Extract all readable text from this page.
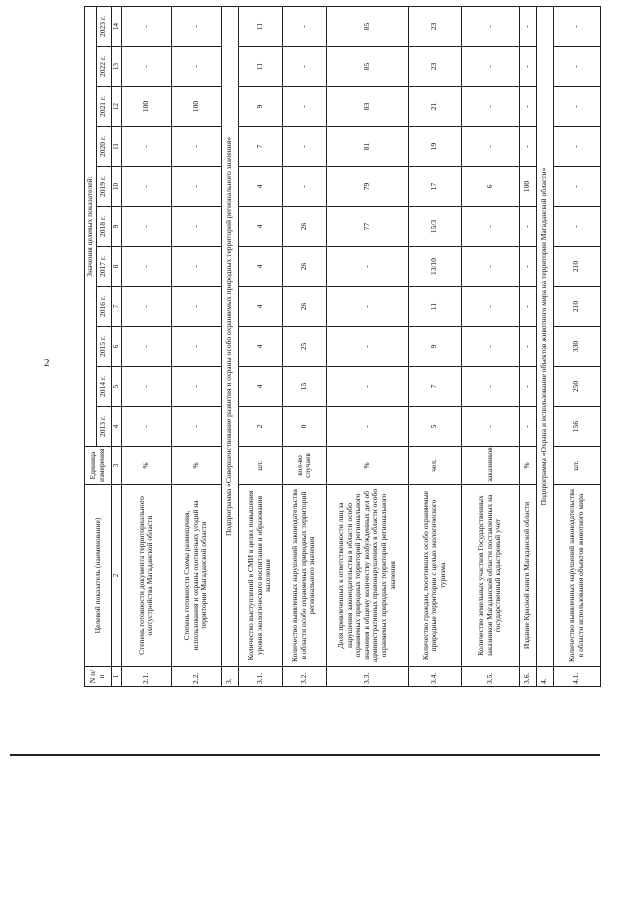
2
N п/п	Целевой показатель (наименование)	Единица измерения	Значения целевых показателей:										
			2013 г.	2014 г.	2015 г.	2016 г.	2017 г.	2018 г.	2019 г.	2020 г.	2021 г.	2022 г.	2023 г.
1	2	3	4	5	6	7	8	9	10	11	12	13	14
2.1.	Степень готовности документа территориального охотустройства Магаданской области	%	-	-	-	-	-	-	-	-	100	-	-
2.2.	Степень готовности Схемы размещения, использования и охраны охотничьих угодий на территории Магаданской области	%	-	-	-	-	-	-	-	-	100	-	-
3.	Подпрограмма «Совершенствование развития и охраны особо охраняемых природных территорий регионального значения»												
3.1.	Количество выступлений в СМИ в целях повышения уровня экологического воспитания и образования населения	шт.	2	4	4	4	4	4	4	7	9	11	11
3.2.	Количество выявленных нарушений законодательства в области особо охраняемых природных территорий регионального значения	кол-во случаев	0	15	25	26	26	26	-	-	-	-	-
3.3.	Доля привлеченных к ответственности лиц за нарушения законодательства в области особо охраняемых природных территорий регионального значения в общему количеству возбужденных дел об административных правонарушениях в области особо охраняемых природных территорий регионального значения	%	-	-	-	-	-	77	79	81	83	85	85
3.4.	Количество граждан, посетивших особо охраняемые природные территории с целью экологического туризма	чел.	5	7	9	11	13/10	15/3	17	19	21	23	23
3.5.	Количество земельных участков Государственных заказников Магаданской области поставленных на государственный кадастровый учет	заказников	-	-	-	-	-	-	6	-	-	-	-
3.6.	Издание Красной книги Магаданской области	%	-	-	-	-	-	-	100	-	-	-	-
4.	Подпрограмма «Охрана и использование объектов животного мира на территории Магаданской области»												
4.1.	Количество выявленных нарушений законодательства в области использования объектов животного мира	шт.	156	250	330	210	210	-	-	-	-	-	-
